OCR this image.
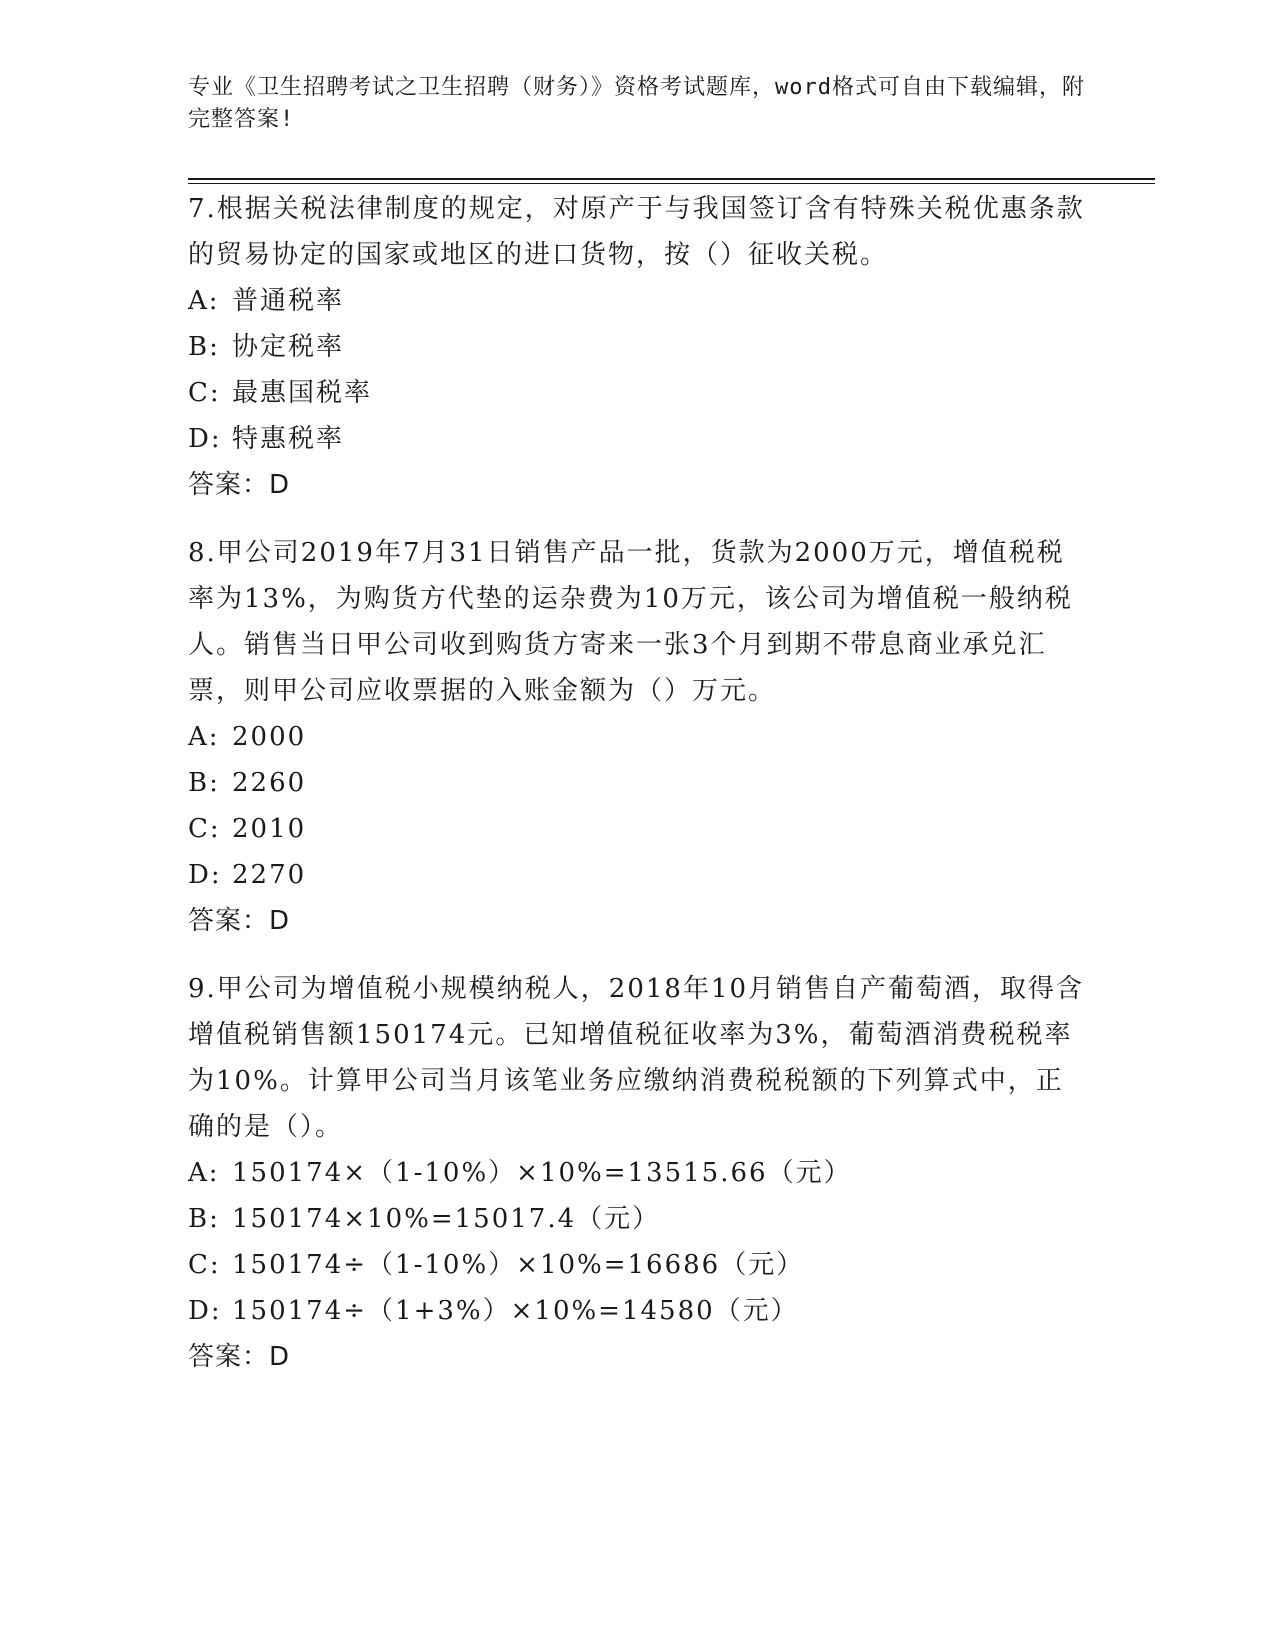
专业《卫生招聘考试之卫生招聘（财务）》资格考试题库，word格式可自由下载编辑，附完整答案!

7.根据关税法律制度的规定，对原产于与我国签订含有特殊关税优惠条款的贸易协定的国家或地区的进口货物，按（）征收关税。

A: 普通税率

B: 协定税率

C: 最惠国税率

D: 特惠税率

答案：D

8.甲公司2019年7月31日销售产品一批，货款为2000万元，增值税税率为13%，为购货方代垫的运杂费为10万元，该公司为增值税一般纳税人。销售当日甲公司收到购货方寄来一张3个月到期不带息商业承兑汇票，则甲公司应收票据的入账金额为（）万元。

A: 2000

B: 2260

C: 2010

D: 2270

答案：D

9.甲公司为增值税小规模纳税人，2018年10月销售自产葡萄酒，取得含增值税销售额150174元。已知增值税征收率为3%，葡萄酒消费税税率为10%。计算甲公司当月该笔业务应缴纳消费税税额的下列算式中，正确的是（）。

A: 150174×（1-10%）×10%=13515.66（元）

B: 150174×10%=15017.4（元）

C: 150174÷（1-10%）×10%=16686（元）

D: 150174÷（1+3%）×10%=14580（元）

答案：D
